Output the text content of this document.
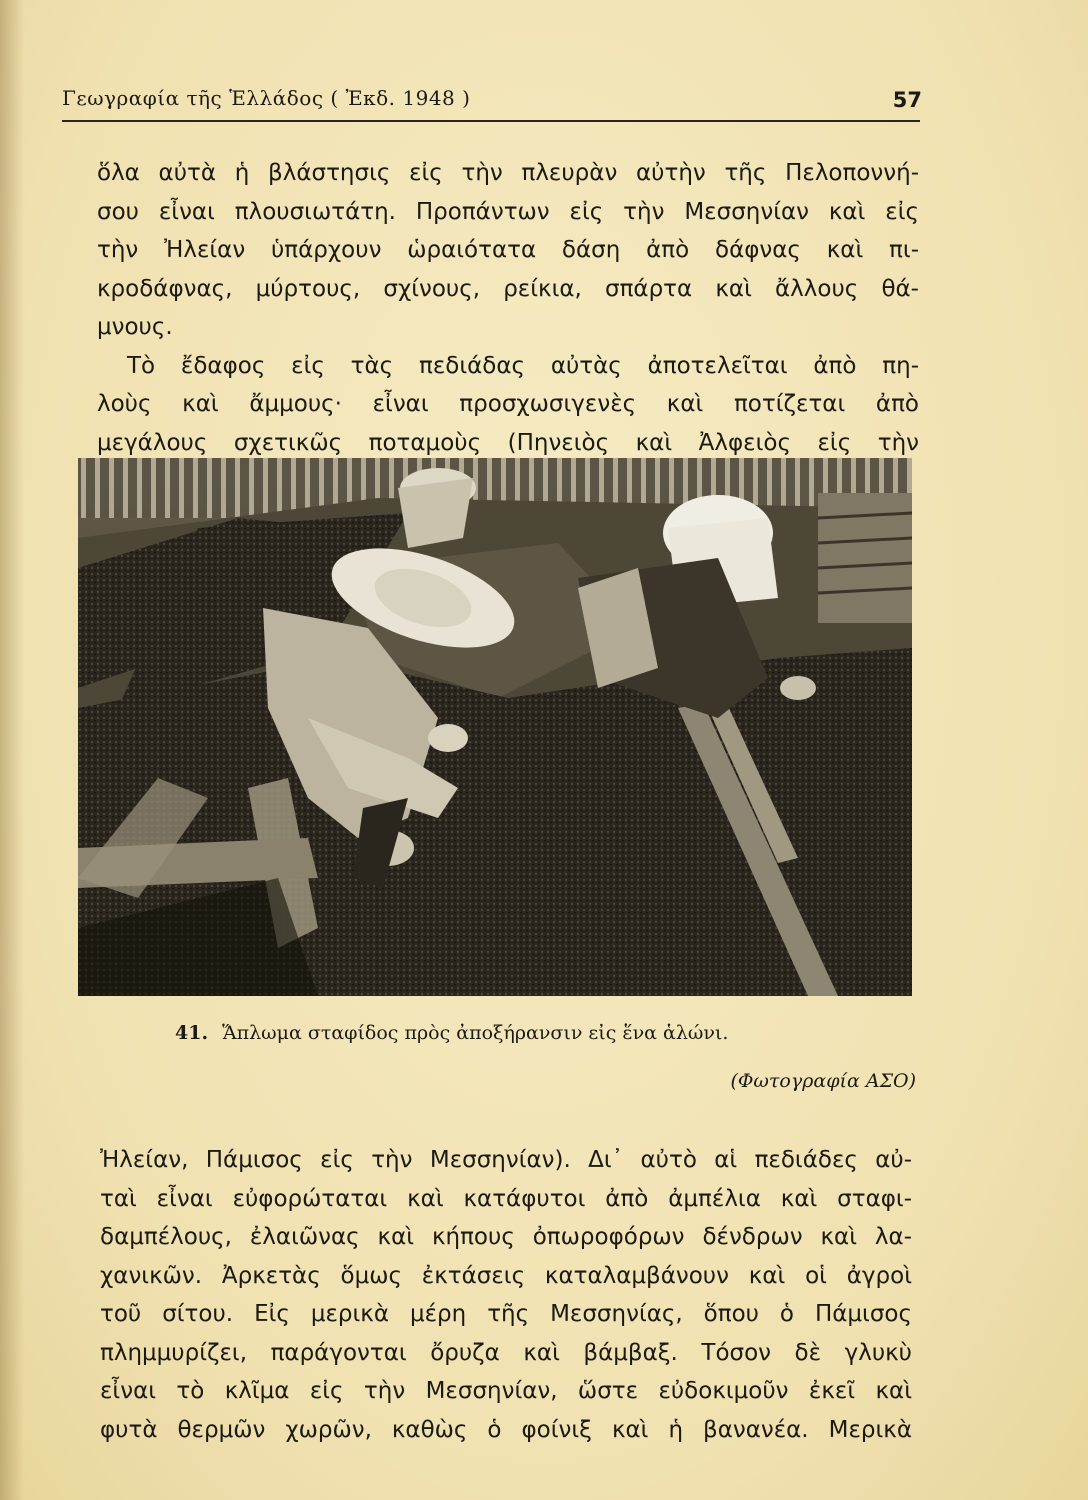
Γεωγραφία τῆς Ἑλλάδος ( Ἐκδ. 1948 )	57
ὅλα αὐτὰ ἡ βλάστησις εἰς τὴν πλευρὰν αὐτὴν τῆς Πελοποννή-
σου εἶναι πλουσιωτάτη. Προπάντων εἰς τὴν Μεσσηνίαν καὶ εἰς
τὴν Ἠλείαν ὑπάρχουν ὡραιότατα δάση ἀπὸ δάφνας καὶ πι-
κροδάφνας, μύρτους, σχίνους, ρείκια, σπάρτα καὶ ἄλλους θά-
μνους.
Τὸ ἔδαφος εἰς τὰς πεδιάδας αὐτὰς ἀποτελεῖται ἀπὸ πη-
λοὺς καὶ ἄμμους· εἶναι προσχωσιγενὲς καὶ ποτίζεται ἀπὸ
μεγάλους σχετικῶς ποταμοὺς (Πηνειὸς καὶ Ἀλφειὸς εἰς τὴν
41. Ἅπλωμα σταφίδος πρὸς ἀποξήρανσιν εἰς ἕνα ἁλώνι.
(Φωτογραφία ΑΣΟ)
Ἠλείαν, Πάμισος εἰς τὴν Μεσσηνίαν). Δι᾿ αὐτὸ αἱ πεδιάδες αὐ-
ταὶ εἶναι εὐφορώταται καὶ κατάφυτοι ἀπὸ ἀμπέλια καὶ σταφι-
δαμπέλους, ἐλαιῶνας καὶ κήπους ὀπωροφόρων δένδρων καὶ λα-
χανικῶν. Ἀρκετὰς ὅμως ἐκτάσεις καταλαμβάνουν καὶ οἱ ἀγροὶ
τοῦ σίτου. Εἰς μερικὰ μέρη τῆς Μεσσηνίας, ὅπου ὁ Πάμισος
πλημμυρίζει, παράγονται ὄρυζα καὶ βάμβαξ. Τόσον δὲ γλυκὺ
εἶναι τὸ κλῖμα εἰς τὴν Μεσσηνίαν, ὥστε εὐδοκιμοῦν ἐκεῖ καὶ
φυτὰ θερμῶν χωρῶν, καθὼς ὁ φοίνιξ καὶ ἡ βανανέα. Μερικὰ
